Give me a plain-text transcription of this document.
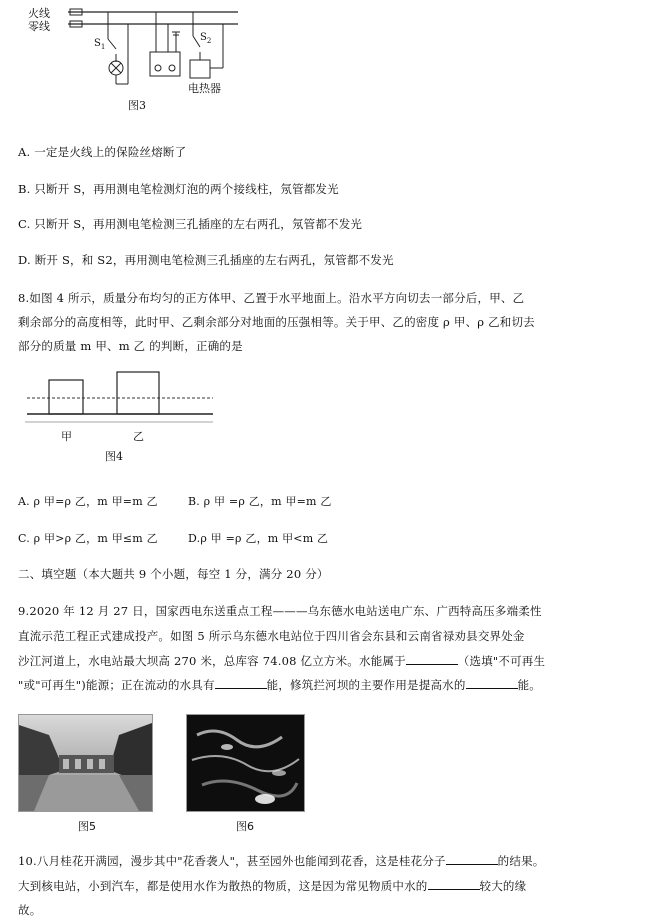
火线
零线
$S_1$
$S_2$
电热器
图3
A. 一定是火线上的保险丝熔断了
B. 只断开 S，再用测电笔检测灯泡的两个接线柱，氖管都发光
C. 只断开 S，再用测电笔检测三孔插座的左右两孔，氖管都不发光
D. 断开 S，和 S2，再用测电笔检测三孔插座的左右两孔，氖管都不发光
8.如图 4 所示，质量分布均匀的正方体甲、乙置于水平地面上。沿水平方向切去一部分后，甲、乙
剩余部分的高度相等，此时甲、乙剩余部分对地面的压强相等。关于甲、乙的密度 ρ 甲、ρ 乙和切去
部分的质量 m 甲、m 乙 的判断，正确的是
甲	乙
图4
A. ρ 甲=ρ 乙，m 甲=m 乙	B. ρ 甲 =ρ 乙，m 甲=m 乙
C. ρ 甲>ρ 乙，m 甲≤m 乙	D.ρ 甲 =ρ 乙，m 甲<m 乙
二、填空题（本大题共 9 个小题，每空 1 分，满分 20 分）
9.2020 年 12 月 27 日，国家西电东送重点工程———乌东德水电站送电广东、广西特高压多端柔性
直流示范工程正式建成投产。如图 5 所示乌东德水电站位于四川省会东县和云南省禄劝县交界处金
沙江河道上，水电站最大坝高 270 米，总库容 74.08 亿立方米。水能属于	（选填"不可再生
"或"可再生")能源；正在流动的水具有	能，修筑拦河坝的主要作用是提高水的	能。
图5	图6
10.八月桂花开满园，漫步其中"花香袭人"，甚至园外也能闻到花香，这是桂花分子	的结果。
大到核电站，小到汽车，都是使用水作为散热的物质，这是因为常见物质中水的	较大的缘
故。
